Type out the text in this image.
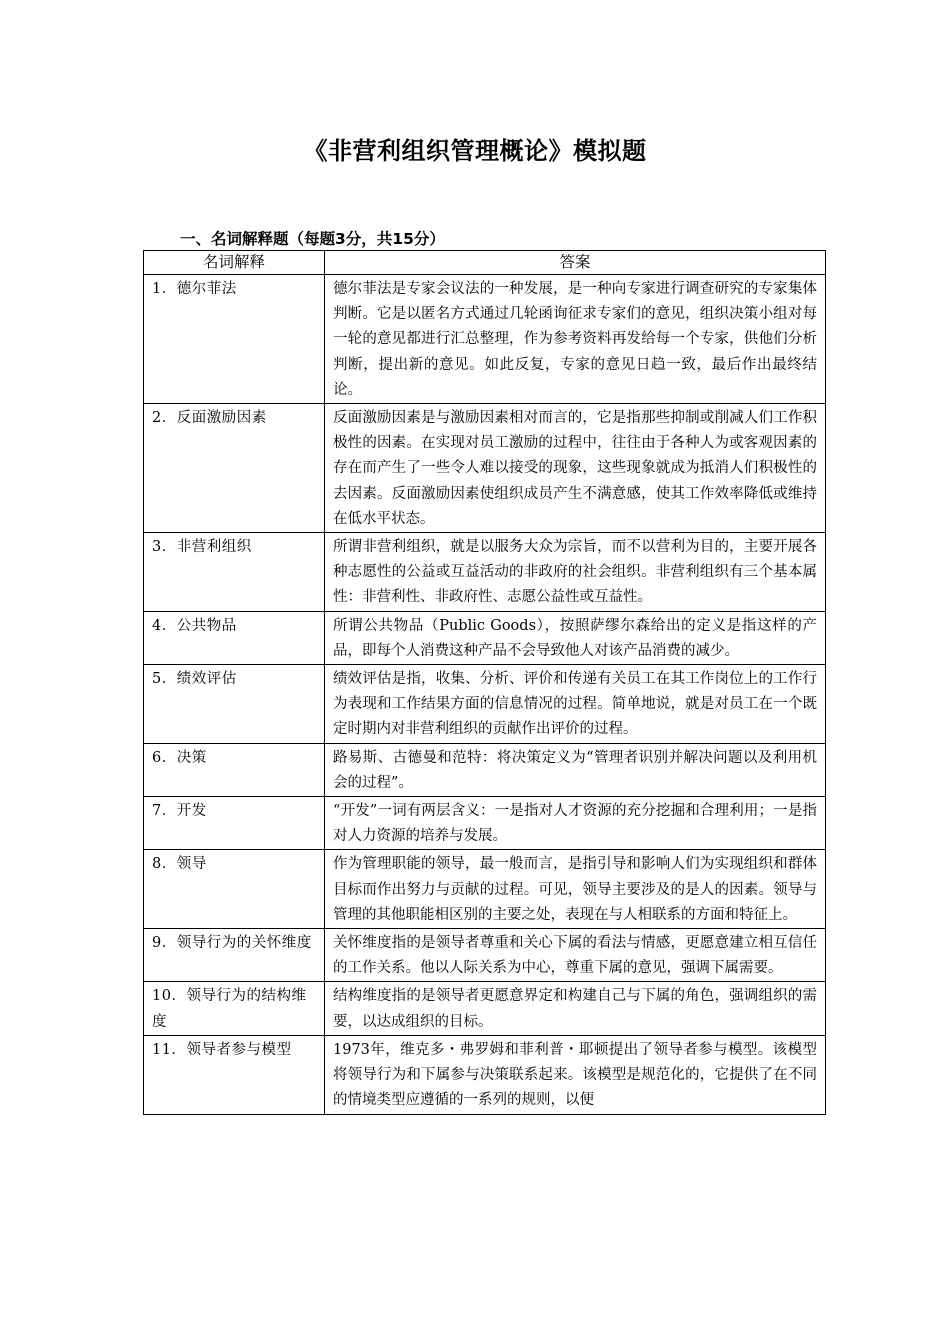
《非营利组织管理概论》模拟题
一、名词解释题（每题3分，共15分）
名词解释	答案
1．德尔菲法	德尔菲法是专家会议法的一种发展，是一种向专家进行调查研究的专家集体判断。它是以匿名方式通过几轮函询征求专家们的意见，组织决策小组对每一轮的意见都进行汇总整理，作为参考资料再发给每一个专家，供他们分析判断，提出新的意见。如此反复，专家的意见日趋一致，最后作出最终结论。
2．反面激励因素	反面激励因素是与激励因素相对而言的，它是指那些抑制或削减人们工作积极性的因素。在实现对员工激励的过程中，往往由于各种人为或客观因素的存在而产生了一些令人难以接受的现象，这些现象就成为抵消人们积极性的去因素。反面激励因素使组织成员产生不满意感，使其工作效率降低或维持在低水平状态。
3．非营利组织	所谓非营利组织，就是以服务大众为宗旨，而不以营利为目的，主要开展各种志愿性的公益或互益活动的非政府的社会组织。非营利组织有三个基本属性：非营利性、非政府性、志愿公益性或互益性。
4．公共物品	所谓公共物品（Public Goods），按照萨缪尔森给出的定义是指这样的产品，即每个人消费这种产品不会导致他人对该产品消费的减少。
5．绩效评估	绩效评估是指，收集、分析、评价和传递有关员工在其工作岗位上的工作行为表现和工作结果方面的信息情况的过程。简单地说，就是对员工在一个既定时期内对非营利组织的贡献作出评价的过程。
6．决策	路易斯、古德曼和范特：将决策定义为“管理者识别并解决问题以及利用机会的过程”。
7．开发	“开发”一词有两层含义：一是指对人才资源的充分挖掘和合理利用；一是指对人力资源的培养与发展。
8．领导	作为管理职能的领导，最一般而言，是指引导和影响人们为实现组织和群体目标而作出努力与贡献的过程。可见，领导主要涉及的是人的因素。领导与管理的其他职能相区别的主要之处，表现在与人相联系的方面和特征上。
9．领导行为的关怀维度	关怀维度指的是领导者尊重和关心下属的看法与情感，更愿意建立相互信任的工作关系。他以人际关系为中心，尊重下属的意见，强调下属需要。
10．领导行为的结构维度	结构维度指的是领导者更愿意界定和构建自己与下属的角色，强调组织的需要，以达成组织的目标。
11．领导者参与模型	1973年，维克多・弗罗姆和菲利普・耶顿提出了领导者参与模型。该模型将领导行为和下属参与决策联系起来。该模型是规范化的，它提供了在不同的情境类型应遵循的一系列的规则，以便
